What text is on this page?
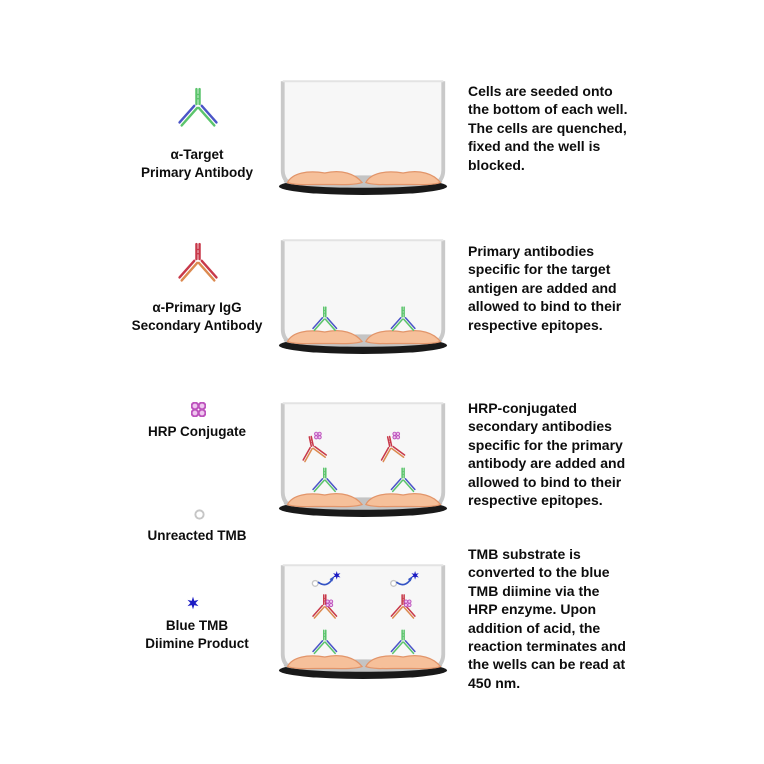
α-Target
Primary Antibody
Cells are seeded onto
the bottom of each well.
The cells are quenched,
fixed and the well is
blocked.
α-Primary IgG
Secondary Antibody
Primary antibodies
specific for the target
antigen are added and
allowed to bind to their
respective epitopes.
HRP Conjugate
Unreacted TMB
HRP-conjugated
secondary antibodies
specific for the primary
antibody are added and
allowed to bind to their
respective epitopes.
Blue TMB
Diimine Product
TMB substrate is
converted to the blue
TMB diimine via the
HRP enzyme. Upon
addition of acid, the
reaction terminates and
the wells can be read at
450 nm.
